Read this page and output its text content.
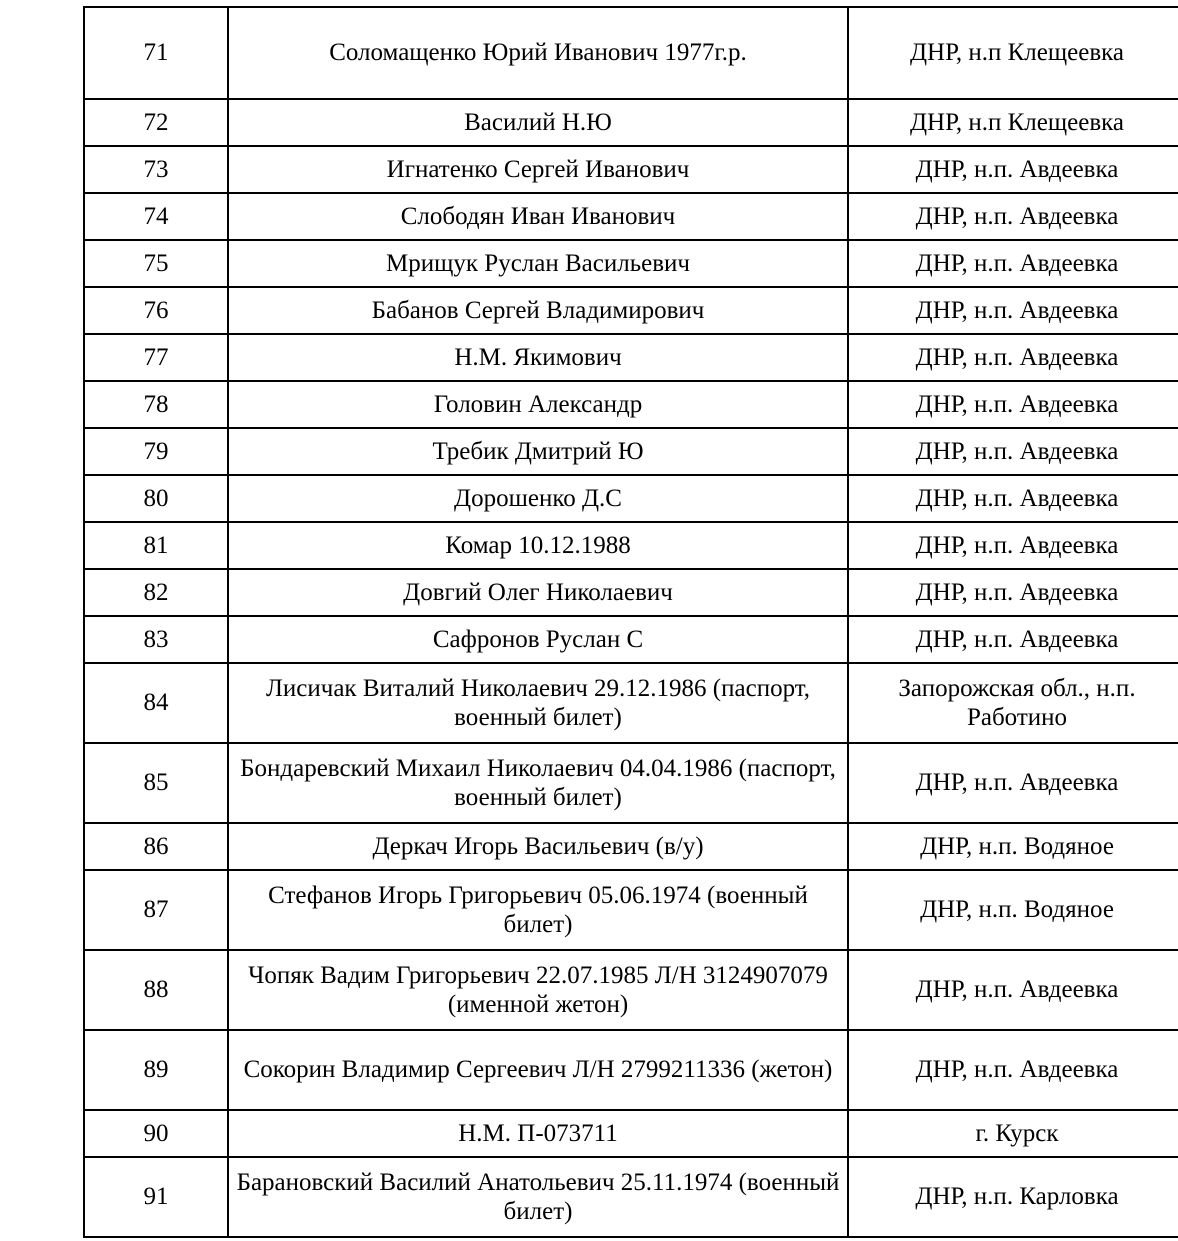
71	Соломащенко Юрий Иванович 1977г.р.	ДНР, н.п Клещеевка
72	Василий Н.Ю	ДНР, н.п Клещеевка
73	Игнатенко Сергей Иванович	ДНР, н.п. Авдеевка
74	Слободян Иван Иванович	ДНР, н.п. Авдеевка
75	Мрищук Руслан Васильевич	ДНР, н.п. Авдеевка
76	Бабанов Сергей Владимирович	ДНР, н.п. Авдеевка
77	Н.М. Якимович	ДНР, н.п. Авдеевка
78	Головин Александр	ДНР, н.п. Авдеевка
79	Требик Дмитрий Ю	ДНР, н.п. Авдеевка
80	Дорошенко Д.С	ДНР, н.п. Авдеевка
81	Комар 10.12.1988	ДНР, н.п. Авдеевка
82	Довгий Олег Николаевич	ДНР, н.п. Авдеевка
83	Сафронов Руслан С	ДНР, н.п. Авдеевка
84	Лисичак Виталий Николаевич 29.12.1986 (паспорт, военный билет)	Запорожская обл., н.п. Работино
85	Бондаревский Михаил Николаевич 04.04.1986 (паспорт, военный билет)	ДНР, н.п. Авдеевка
86	Деркач Игорь Васильевич (в/у)	ДНР, н.п. Водяное
87	Стефанов Игорь Григорьевич 05.06.1974 (военный билет)	ДНР, н.п. Водяное
88	Чопяк Вадим Григорьевич 22.07.1985 Л/Н 3124907079 (именной жетон)	ДНР, н.п. Авдеевка
89	Сокорин Владимир Сергеевич Л/Н 2799211336 (жетон)	ДНР, н.п. Авдеевка
90	Н.М. П-073711	г. Курск
91	Барановский Василий Анатольевич 25.11.1974 (военный билет)	ДНР, н.п. Карловка
